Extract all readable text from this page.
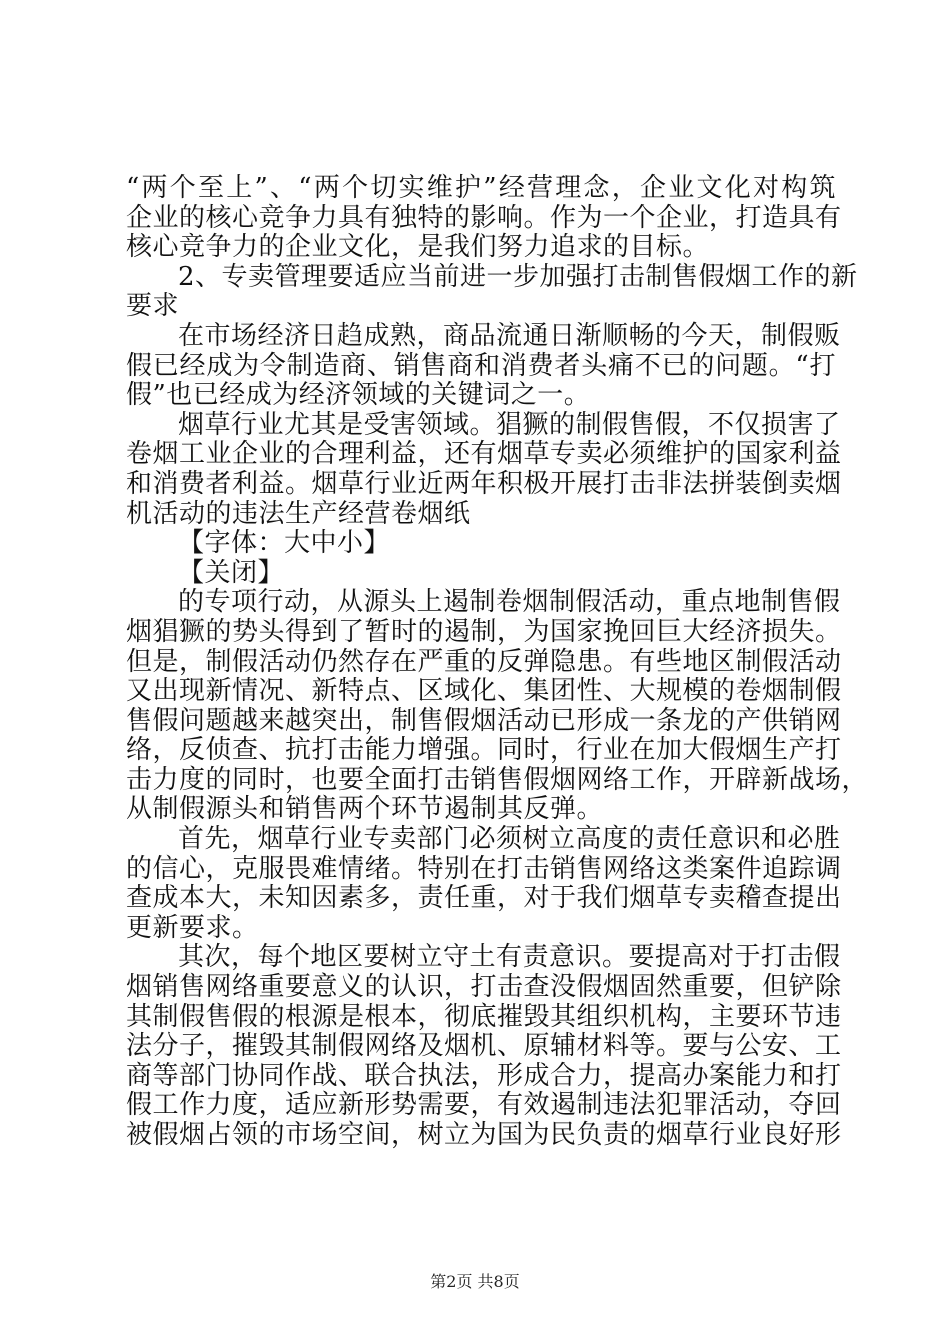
“两个至上”、“两个切实维护”经营理念，企业文化对构筑
企业的核心竞争力具有独特的影响。作为一个企业，打造具有
核心竞争力的企业文化，是我们努力追求的目标。
2、专卖管理要适应当前进一步加强打击制售假烟工作的新
要求
在市场经济日趋成熟，商品流通日渐顺畅的今天，制假贩
假已经成为令制造商、销售商和消费者头痛不已的问题。“打
假”也已经成为经济领域的关键词之一。
烟草行业尤其是受害领域。猖獗的制假售假，不仅损害了
卷烟工业企业的合理利益，还有烟草专卖必须维护的国家利益
和消费者利益。烟草行业近两年积极开展打击非法拼装倒卖烟
机活动的违法生产经营卷烟纸
【字体：大中小】
【关闭】
的专项行动，从源头上遏制卷烟制假活动，重点地制售假
烟猖獗的势头得到了暂时的遏制，为国家挽回巨大经济损失。
但是，制假活动仍然存在严重的反弹隐患。有些地区制假活动
又出现新情况、新特点、区域化、集团性、大规模的卷烟制假
售假问题越来越突出，制售假烟活动已形成一条龙的产供销网
络，反侦查、抗打击能力增强。同时，行业在加大假烟生产打
击力度的同时，也要全面打击销售假烟网络工作，开辟新战场，
从制假源头和销售两个环节遏制其反弹。
首先，烟草行业专卖部门必须树立高度的责任意识和必胜
的信心，克服畏难情绪。特别在打击销售网络这类案件追踪调
查成本大，未知因素多，责任重，对于我们烟草专卖稽查提出
更新要求。
其次，每个地区要树立守土有责意识。要提高对于打击假
烟销售网络重要意义的认识，打击查没假烟固然重要，但铲除
其制假售假的根源是根本，彻底摧毁其组织机构，主要环节违
法分子，摧毁其制假网络及烟机、原辅材料等。要与公安、工
商等部门协同作战、联合执法，形成合力，提高办案能力和打
假工作力度，适应新形势需要，有效遏制违法犯罪活动，夺回
被假烟占领的市场空间，树立为国为民负责的烟草行业良好形
第2页 共8页
